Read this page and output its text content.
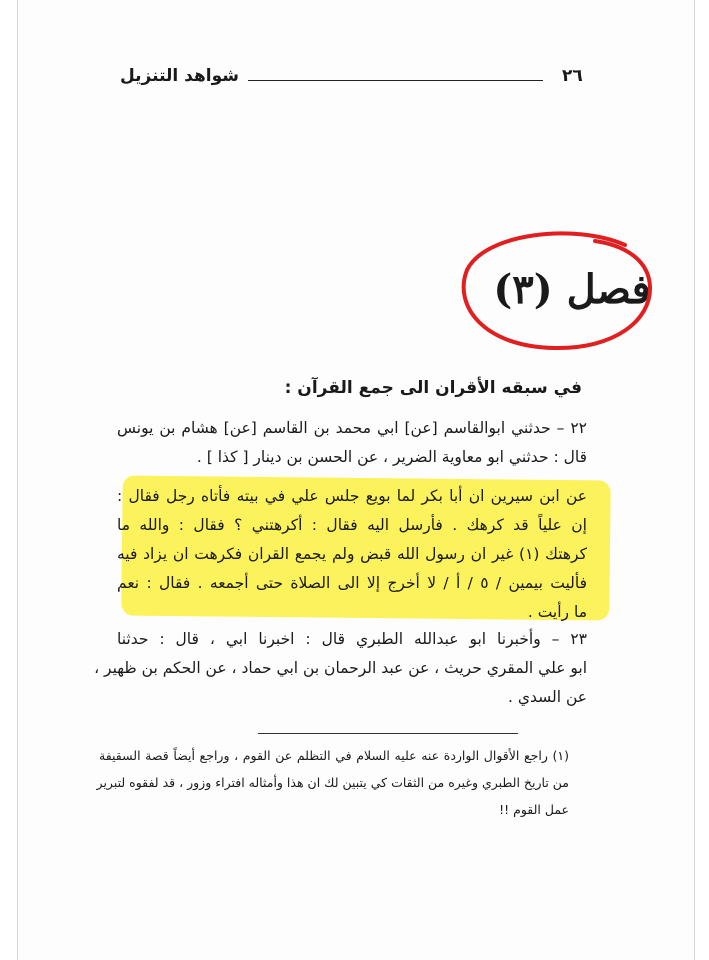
٢٦
شواهد التنزيل
فصل (٣)
في سبقه الأقران الى جمع القرآن :
٢٢ – حدثني ابوالقاسم [عن] ابي محمد بن القاسم [عن] هشام بن يونس
قال : حدثني ابو معاوية الضرير ، عن الحسن بن دينار [ كذا ] .
عن ابن سيرين ان أبا بكر لما بويع جلس علي في بيته فأتاه رجل فقال :
إن علياً قد كرهك . فأرسل اليه فقال : أكرهتني ؟ فقال : والله ما
كرهتك (١) غير ان رسول الله قبض ولم يجمع القران فكرهت ان يزاد فيه
فأليت بيمين / ٥ / أ / لا أخرج إلا الى الصلاة حتى أجمعه . فقال : نعم
ما رأيت .
٢٣ – وأخبرنا ابو عبدالله الطبري قال : اخبرنا ابي ، قال : حدثنا
ابو علي المقري حريث ، عن عبد الرحمان بن ابي حماد ، عن الحكم بن ظهير ،
عن السدي .
(١) راجع الأقوال الواردة عنه عليه السلام في التظلم عن القوم ، وراجع أيضاً قصة السقيفة
من تاريخ الطبري وغيره من الثقات كي يتبين لك ان هذا وأمثاله افتراء وزور ، قد لفقوه لتبرير
عمل القوم !!
